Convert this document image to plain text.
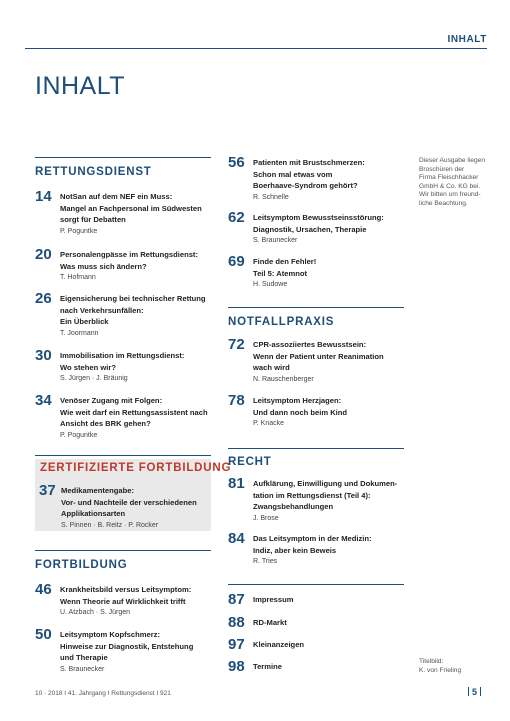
INHALT
INHALT
RETTUNGSDIENST
14 NotSan auf dem NEF ein Muss:
Mangel an Fachpersonal im Südwesten
sorgt für Debatten
P. Poguntke
20 Personalengpässe im Rettungsdienst:
Was muss sich ändern?
T. Hofmann
26 Eigensicherung bei technischer Rettung
nach Verkehrsunfällen:
Ein Überblick
T. Joormann
30 Immobilisation im Rettungsdienst:
Wo stehen wir?
S. Jürgen · J. Bräunig
34 Venöser Zugang mit Folgen:
Wie weit darf ein Rettungsassistent nach
Ansicht des BRK gehen?
P. Poguntke
ZERTIFIZIERTE FORTBILDUNG
37 Medikamentengabe:
Vor- und Nachteile der verschiedenen
Applikationsarten
S. Pinnen · B. Reitz · P. Rocker
FORTBILDUNG
46 Krankheitsbild versus Leitsymptom:
Wenn Theorie auf Wirklichkeit trifft
U. Atzbach · S. Jürgen
50 Leitsymptom Kopfschmerz:
Hinweise zur Diagnostik, Entstehung
und Therapie
S. Braunecker
56 Patienten mit Brustschmerzen:
Schon mal etwas vom
Boerhaave-Syndrom gehört?
R. Schnelle
62 Leitsymptom Bewusstseinsstörung:
Diagnostik, Ursachen, Therapie
S. Braunecker
69 Finde den Fehler!
Teil 5: Atemnot
H. Sudowe
NOTFALLPRAXIS
72 CPR-assoziiertes Bewusstsein:
Wenn der Patient unter Reanimation
wach wird
N. Rauschenberger
78 Leitsymptom Herzjagen:
Und dann noch beim Kind
P. Knacke
RECHT
81 Aufklärung, Einwilligung und Dokumen-
tation im Rettungsdienst (Teil 4):
Zwangsbehandlungen
J. Brose
84 Das Leitsymptom in der Medizin:
Indiz, aber kein Beweis
R. Tries
87 Impressum
88 RD-Markt
97 Kleinanzeigen
98 Termine
Dieser Ausgabe liegen
Broschüren der
Firma Fleischhacker
GmbH & Co. KG bei.
Wir bitten um freund-
liche Beachtung.
Titelbild:
K. von Frieling
10 · 2018 I 41. Jahrgang I Rettungsdienst I 921	5
